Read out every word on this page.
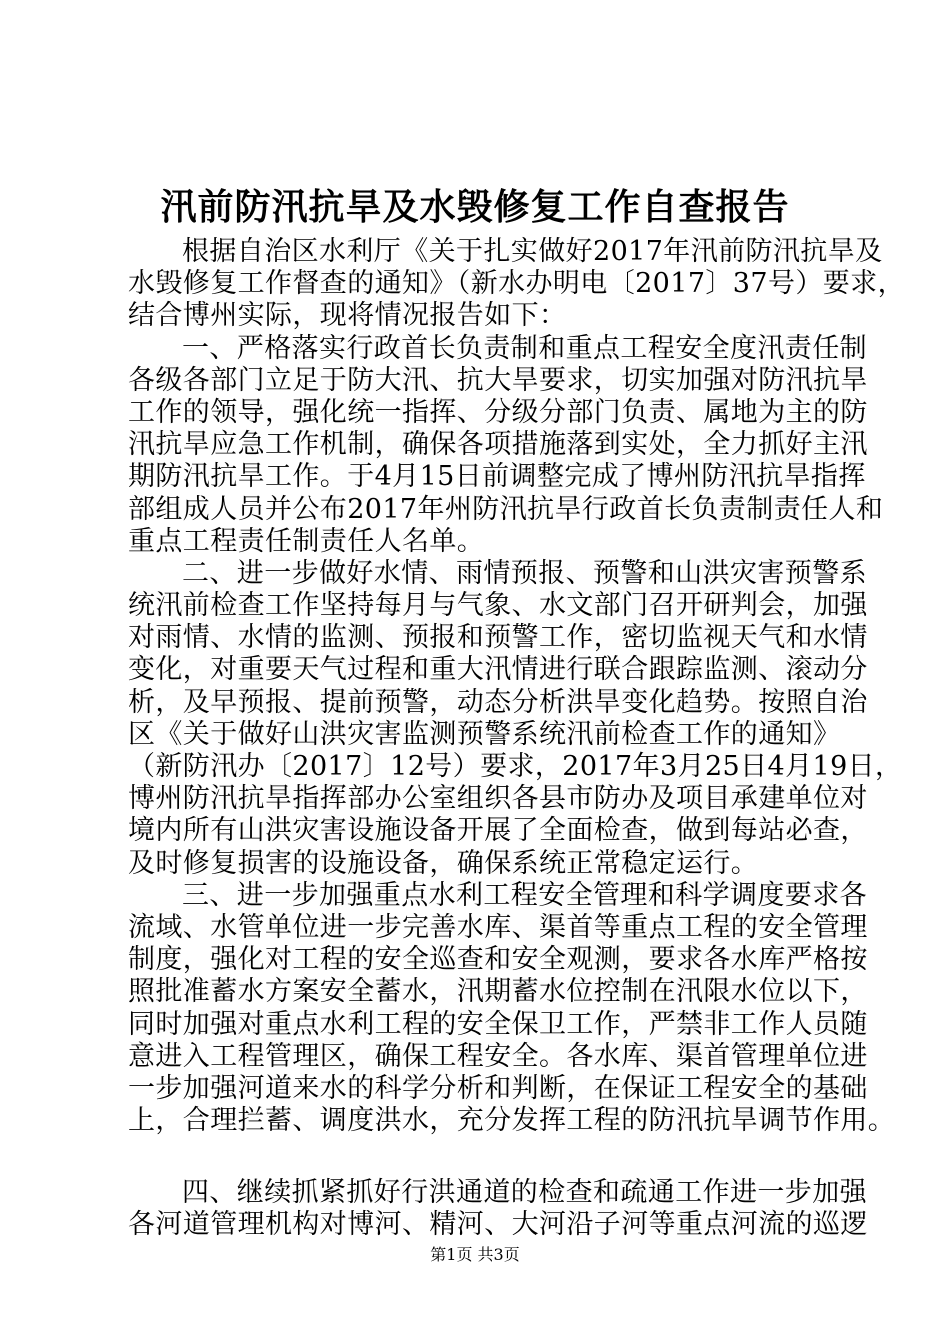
汛前防汛抗旱及水毁修复工作自查报告
根据自治区水利厅《关于扎实做好2017年汛前防汛抗旱及
水毁修复工作督查的通知》（新水办明电〔2017〕37号）要求，
结合博州实际，现将情况报告如下：
一、严格落实行政首长负责制和重点工程安全度汛责任制
各级各部门立足于防大汛、抗大旱要求，切实加强对防汛抗旱
工作的领导，强化统一指挥、分级分部门负责、属地为主的防
汛抗旱应急工作机制，确保各项措施落到实处，全力抓好主汛
期防汛抗旱工作。于4月15日前调整完成了博州防汛抗旱指挥
部组成人员并公布2017年州防汛抗旱行政首长负责制责任人和
重点工程责任制责任人名单。
二、进一步做好水情、雨情预报、预警和山洪灾害预警系
统汛前检查工作坚持每月与气象、水文部门召开研判会，加强
对雨情、水情的监测、预报和预警工作，密切监视天气和水情
变化，对重要天气过程和重大汛情进行联合跟踪监测、滚动分
析，及早预报、提前预警，动态分析洪旱变化趋势。按照自治
区《关于做好山洪灾害监测预警系统汛前检查工作的通知》
（新防汛办〔2017〕12号）要求，2017年3月25日4月19日，
博州防汛抗旱指挥部办公室组织各县市防办及项目承建单位对
境内所有山洪灾害设施设备开展了全面检查，做到每站必查，
及时修复损害的设施设备，确保系统正常稳定运行。
三、进一步加强重点水利工程安全管理和科学调度要求各
流域、水管单位进一步完善水库、渠首等重点工程的安全管理
制度，强化对工程的安全巡查和安全观测，要求各水库严格按
照批准蓄水方案安全蓄水，汛期蓄水位控制在汛限水位以下，
同时加强对重点水利工程的安全保卫工作，严禁非工作人员随
意进入工程管理区，确保工程安全。各水库、渠首管理单位进
一步加强河道来水的科学分析和判断，在保证工程安全的基础
上，合理拦蓄、调度洪水，充分发挥工程的防汛抗旱调节作用。
四、继续抓紧抓好行洪通道的检查和疏通工作进一步加强
各河道管理机构对博河、精河、大河沿子河等重点河流的巡逻
第1页 共3页
